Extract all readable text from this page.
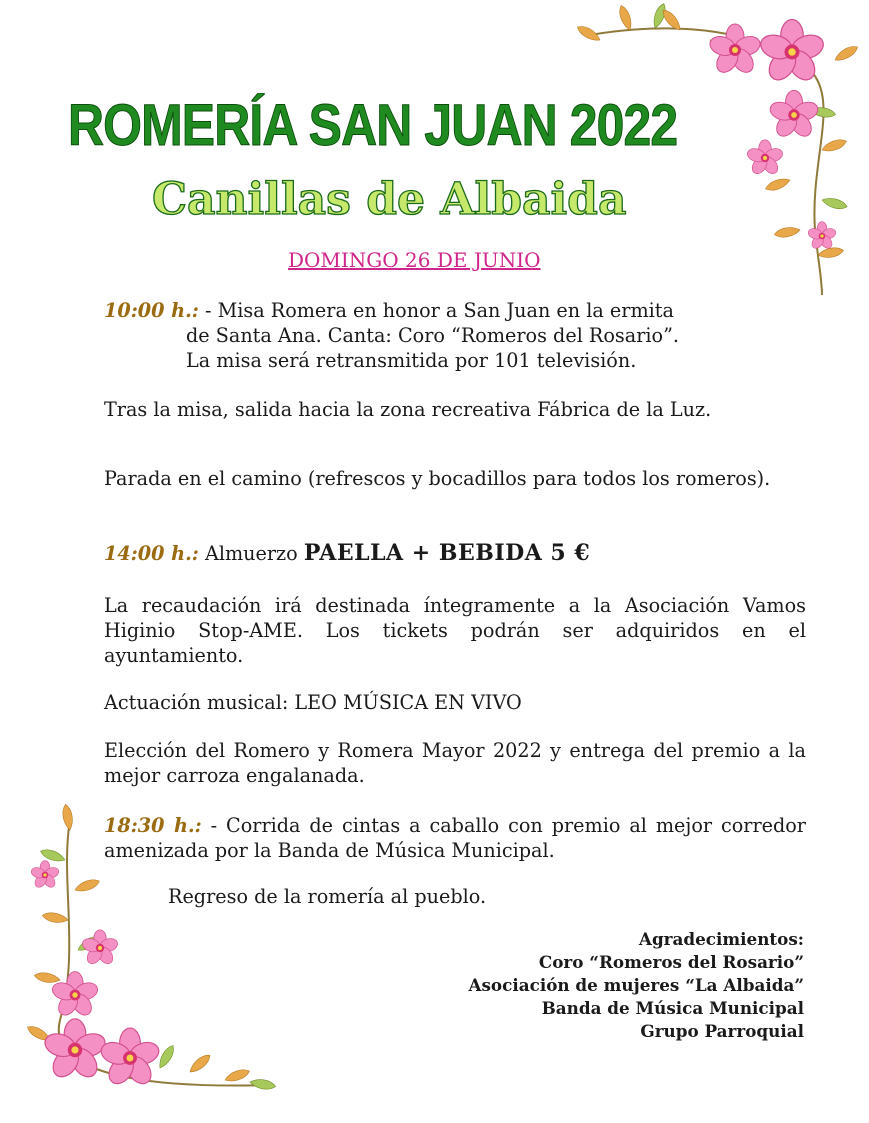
ROMERÍA SAN JUAN 2022
Canillas de Albaida
DOMINGO 26 DE JUNIO
10:00 h.: - Misa Romera en honor a San Juan en la ermita
de Santa Ana. Canta: Coro “Romeros del Rosario”.
La misa será retransmitida por 101 televisión.

Tras la misa, salida hacia la zona recreativa Fábrica de la Luz.

Parada en el camino (refrescos y bocadillos para todos los romeros).

14:00 h.: Almuerzo PAELLA + BEBIDA 5 €

La recaudación irá destinada íntegramente a la Asociación Vamos Higinio Stop-AME. Los tickets podrán ser adquiridos en el ayuntamiento.

Actuación musical: LEO MÚSICA EN VIVO

Elección del Romero y Romera Mayor 2022 y entrega del premio a la mejor carroza engalanada.

18:30 h.: - Corrida de cintas a caballo con premio al mejor corredor amenizada por la Banda de Música Municipal.

Regreso de la romería al pueblo.

Agradecimientos:
Coro “Romeros del Rosario”
Asociación de mujeres “La Albaida”
Banda de Música Municipal
Grupo Parroquial
